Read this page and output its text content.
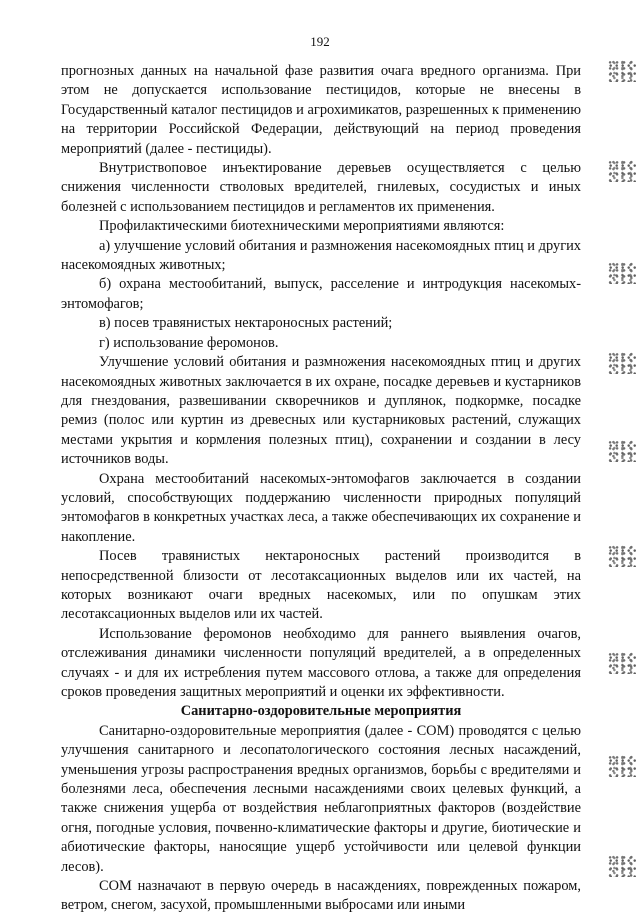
192

прогнозных данных на начальной фазе развития очага вредного организма. При этом не допускается использование пестицидов, которые не внесены в Государственный каталог пестицидов и агрохимикатов, разрешенных к применению на территории Российской Федерации, действующий на период проведения мероприятий (далее - пестициды).

Внутриствоповое инъектирование деревьев осуществляется с целью снижения численности стволовых вредителей, гнилевых, сосудистых и иных болезней с использованием пестицидов и регламентов их применения.

Профилактическими биотехническими мероприятиями являются:

а) улучшение условий обитания и размножения насекомоядных птиц и других насекомоядных животных;

б) охрана местообитаний, выпуск, расселение и интродукция насекомых-энтомофагов;

в) посев травянистых нектароносных растений;

г) использование феромонов.

Улучшение условий обитания и размножения насекомоядных птиц и других насекомоядных животных заключается в их охране, посадке деревьев и кустарников для гнездования, развешивании скворечников и дуплянок, подкормке, посадке ремиз (полос или куртин из древесных или кустарниковых растений, служащих местами укрытия и кормления полезных птиц), сохранении и создании в лесу источников воды.

Охрана местообитаний насекомых-энтомофагов заключается в создании условий, способствующих поддержанию численности природных популяций энтомофагов в конкретных участках леса, а также обеспечивающих их сохранение и накопление.

Посев травянистых нектароносных растений производится в непосредственной близости от лесотаксационных выделов или их частей, на которых возникают очаги вредных насекомых, или по опушкам этих лесотаксационных выделов или их частей.

Использование феромонов необходимо для раннего выявления очагов, отслеживания динамики численности популяций вредителей, а в определенных случаях - и для их истребления путем массового отлова, а также для определения сроков проведения защитных мероприятий и оценки их эффективности.

Санитарно-оздоровительные мероприятия

Санитарно-оздоровительные мероприятия (далее - СОМ) проводятся с целью улучшения санитарного и лесопатологического состояния лесных насаждений, уменьшения угрозы распространения вредных организмов, борьбы с вредителями и болезнями леса, обеспечения лесными насаждениями своих целевых функций, а также снижения ущерба от воздействия неблагоприятных факторов (воздействие огня, погодные условия, почвенно-климатические факторы и другие, биотические и абиотические факторы, наносящие ущерб устойчивости или целевой функции лесов).

СОМ назначают в первую очередь в насаждениях, поврежденных пожаром, ветром, снегом, засухой, промышленными выбросами или иными
